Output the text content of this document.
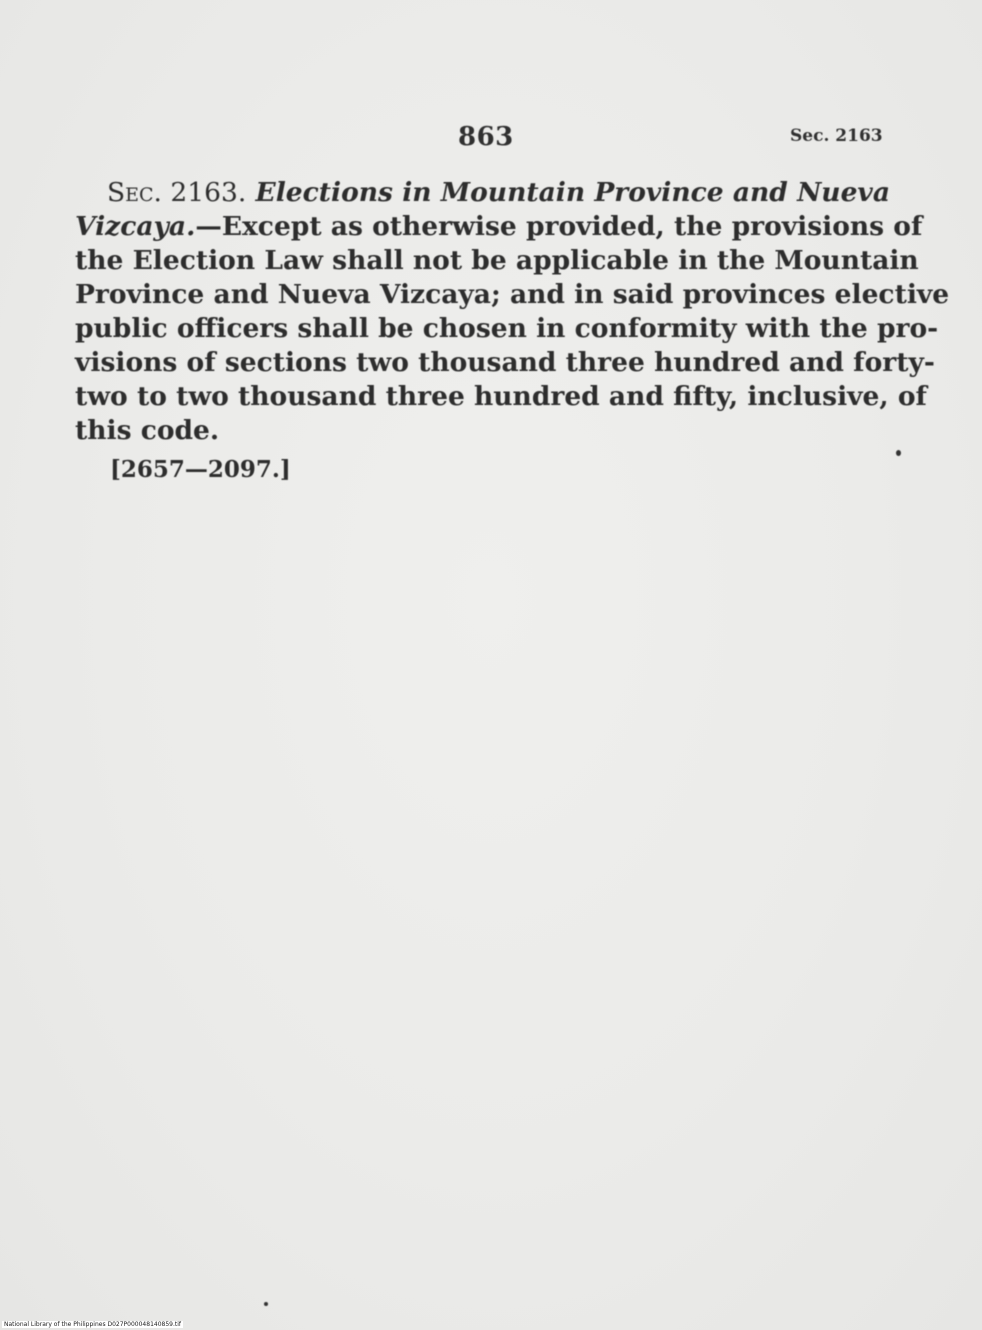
863	Sec. 2163
Sec. 2163. Elections in Mountain Province and Nueva
Vizcaya.—Except as otherwise provided, the provisions of
the Election Law shall not be applicable in the Mountain
Province and Nueva Vizcaya; and in said provinces elective
public officers shall be chosen in conformity with the pro-
visions of sections two thousand three hundred and forty-
two to two thousand three hundred and fifty, inclusive, of
this code.
[2657—2097.]
National Library of the Philippines D027P000048140859.tif
